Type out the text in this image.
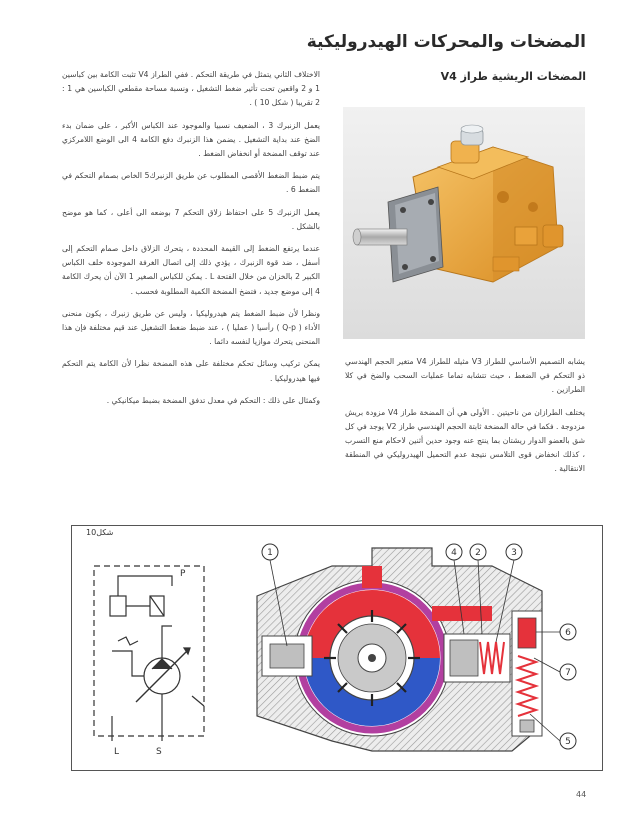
المضخات والمحركات الهيدروليكية
المضخات الريشية طراز V4

الاختلاف الثاني يتمثل في طريقة التحكم . ففي الطراز V4 تثبت الكامة بين كباسين 1 و 2 واقعين تحت تأثير ضغط التشغيل ، ونسبة مساحة مقطعي الكباسين هي 1 : 2 تقريبا ( شكل 10 ) .

يعمل الزنبرك 3 ، الضعيف نسبيا والموجود عند الكباس الأكبر ، على ضمان بدء الضخ عند بداية التشغيل . يضمن هذا الزنبرك دفع الكامة 4 الى الوضع اللامركزي عند توقف المضخة أو انخفاض الضغط .

يتم ضبط الضغط الأقصى المطلوب عن طريق الزنبرك5 الخاص بصمام التحكم في الضغط 6 .

يعمل الزنبرك 5 على احتفاظ زلاق التحكم 7 بوضعه الى أعلى ، كما هو موضح بالشكل .

عندما يرتفع الضغط إلى القيمة المحددة ، يتحرك الزلاق داخل صمام التحكم إلى أسفل ، ضد قوة الزنبرك ، يؤدي ذلك إلى اتصال الغرفة الموجودة خلف الكباس الكبير 2 بالخزان من خلال الفتحة L . يمكن للكباس الصغير 1 الآن أن يحرك الكامة 4 إلى موضع جديد ، فتضخ المضخة الكمية المطلوبة فحسب .

ونظرا لأن ضبط الضغط يتم هيدروليكيا ، وليس عن طريق زنبرك ، يكون منحنى الأداء ( Q-p ) رأسيا ( عمليا ) ، عند ضبط ضغط التشغيل عند قيم مختلفة فإن هذا المنحنى يتحرك موازيا لنفسه دائما .

يمكن تركيب وسائل تحكم مختلفة على هذه المضخة نظرا لأن الكامة يتم التحكم فيها هيدروليكيا .

وكمثال على ذلك : التحكم في معدل تدفق المضخة بضبط ميكانيكي .

يشابه التصميم الأساسي للطراز V3 مثيله للطراز V4 متغير الحجم الهندسي ذو التحكم في الضغط ، حيث تتشابه تماما عمليات السحب والضخ في كلا الطرازين .

يختلف الطرازان من ناحيتين . الأولى هي أن المضخة طراز V4 مزودة بريش مزدوجة . فكما في حالة المضخة ثابتة الحجم الهندسي طراز V2 يوجد في كل شق بالعضو الدوار ريشتان بما ينتج عنه وجود حدين أثنين لاحكام منع التسرب ، كذلك انخفاض قوى التلامس نتيجة عدم التحميل الهيدروليكي في المنطقة الانتقالية .

P
L	S
1	4 2	3
6
7
5
شكل10
44
